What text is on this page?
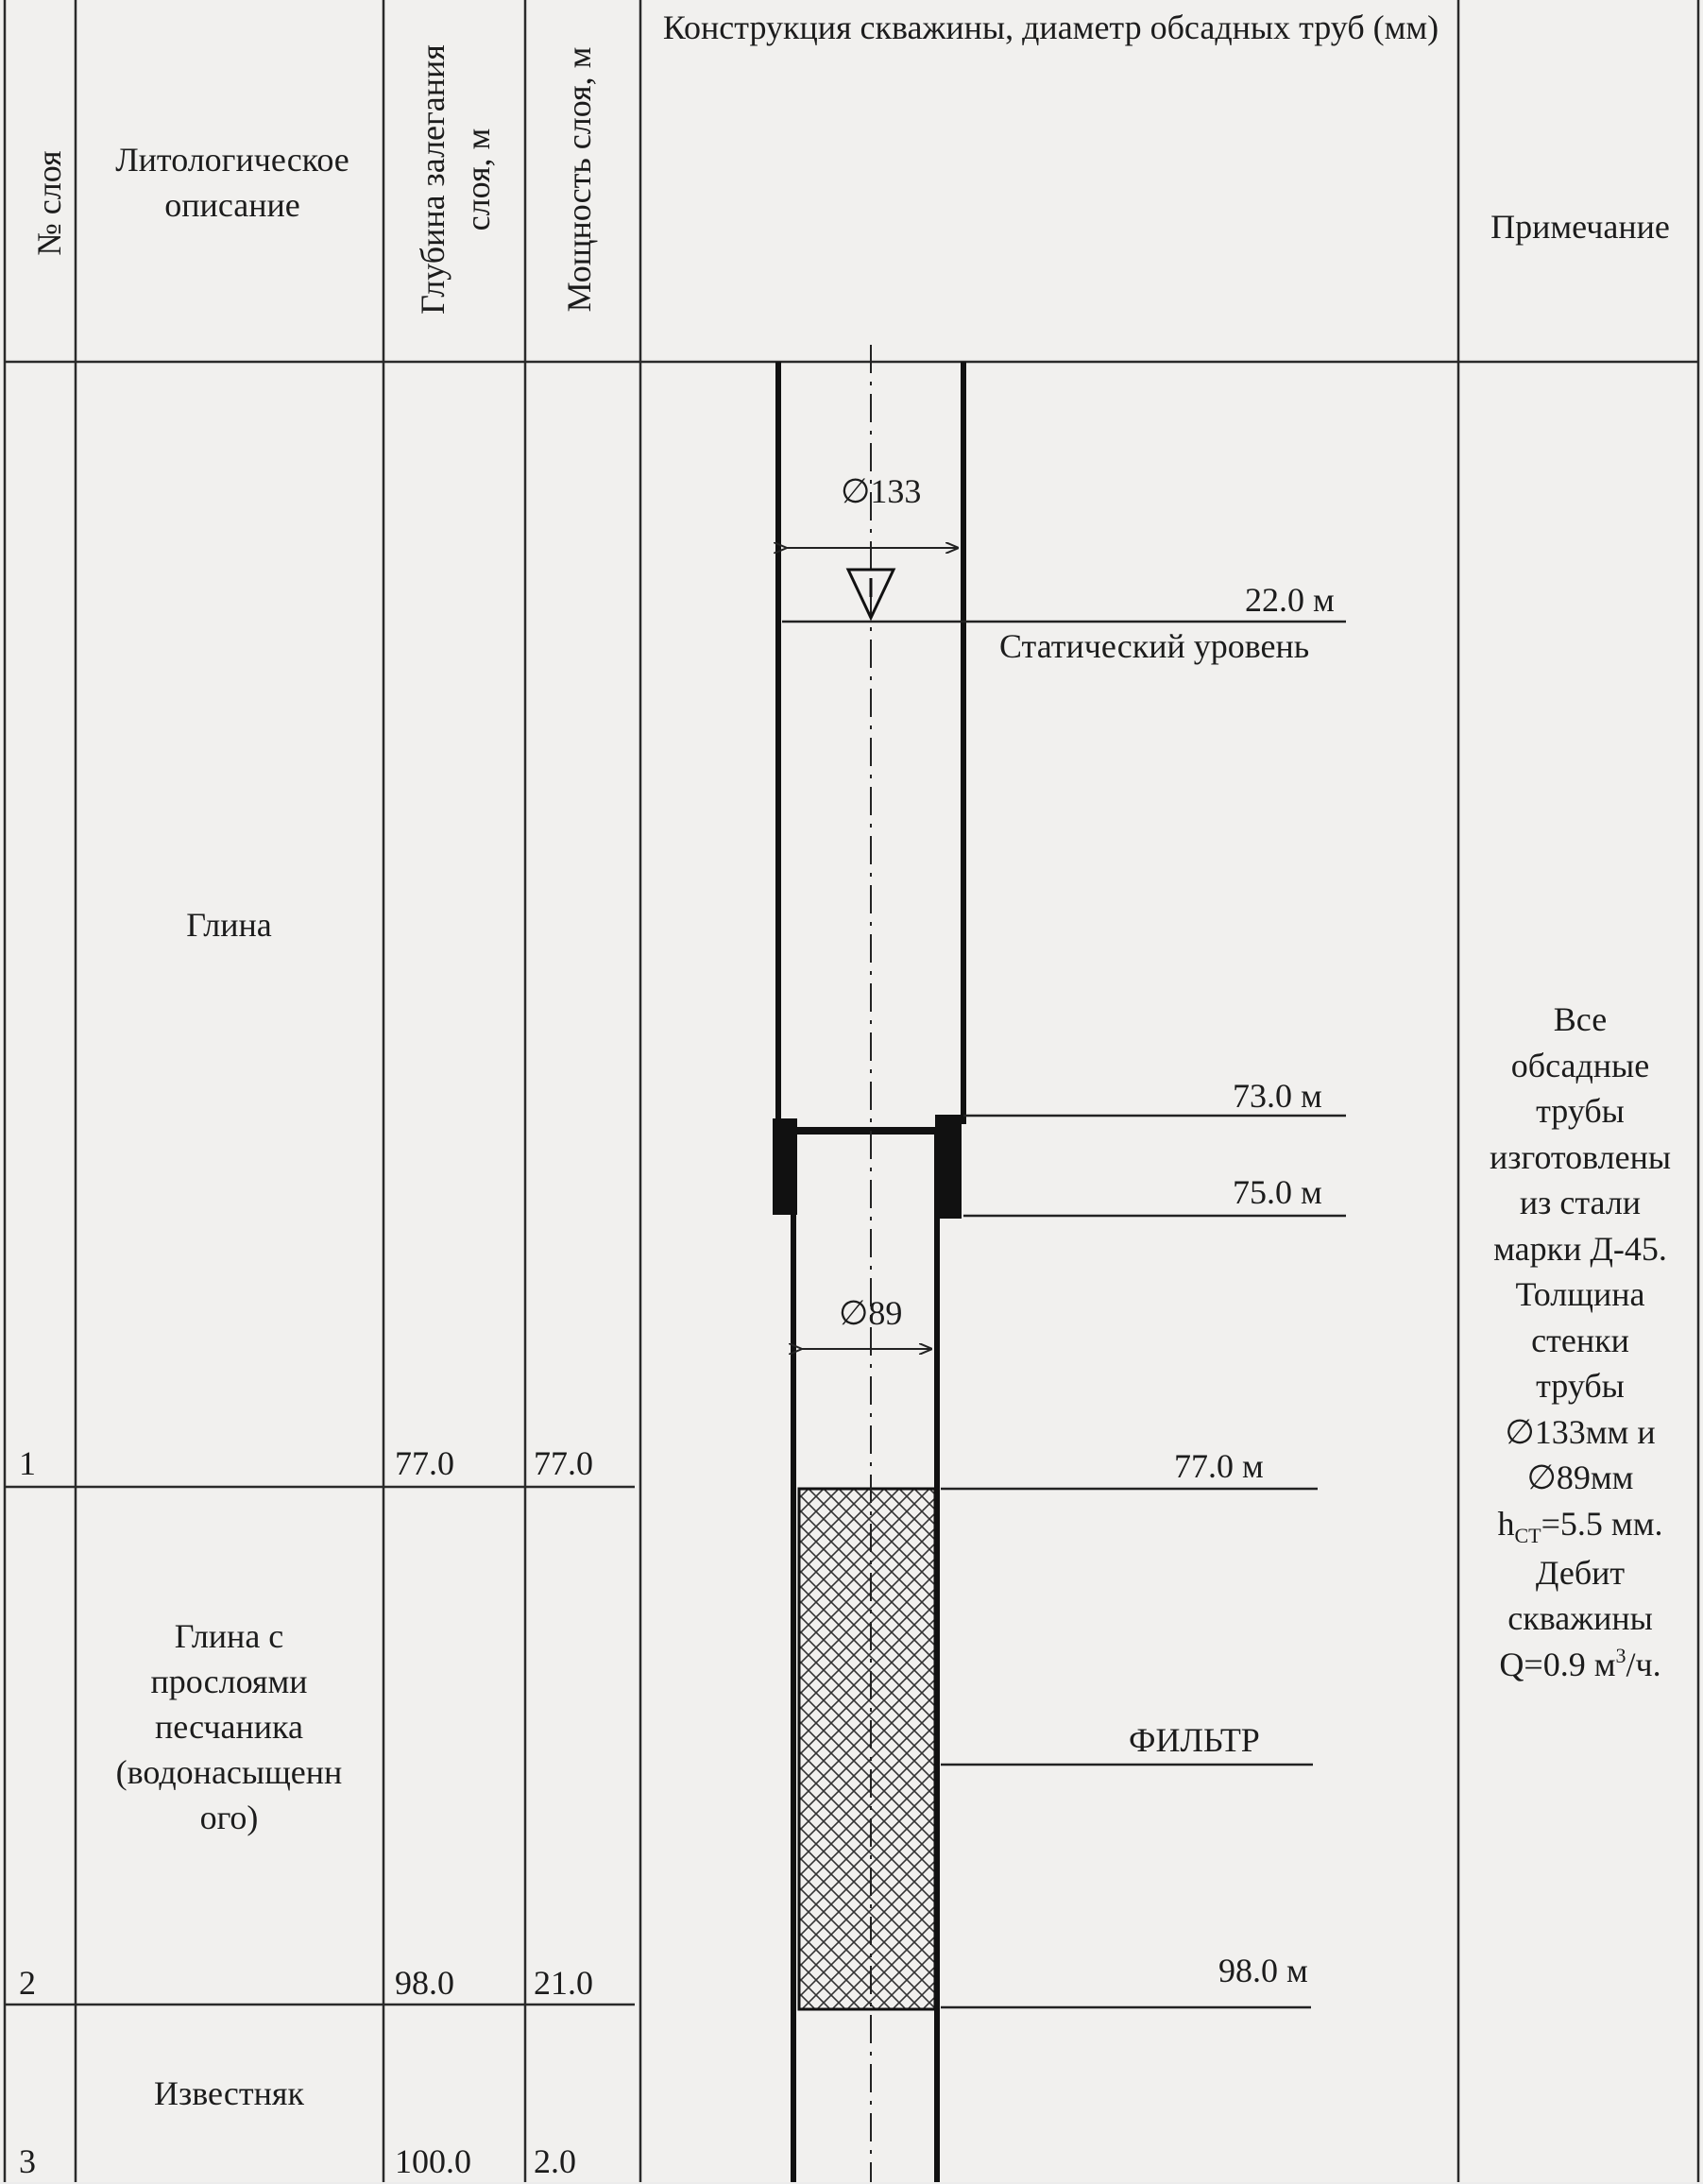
№ слоя	Литологическое описание	Глубина залегания слоя, м Мощность слоя, м
Конструкция скважины, диаметр обсадных труб (мм)
Примечание
1
Глина
77.0 77.0
2
Глина с
прослоями
песчаника
(водонасыщенн
ого)
98.0 21.0
3
Известняк
100.0 2.0
∅133
∅89
22.0 м
Статический уровень
73.0 м
75.0 м
77.0 м
ФИЛЬТР
98.0 м
Все
обсадные
трубы
изготовлены
из стали
марки Д-45.
Толщина
стенки
трубы
∅133мм и
∅89мм
$h_{CT}=5.5$ мм.
Дебит
скважины
Q=0.9 $м^3/ч$.
